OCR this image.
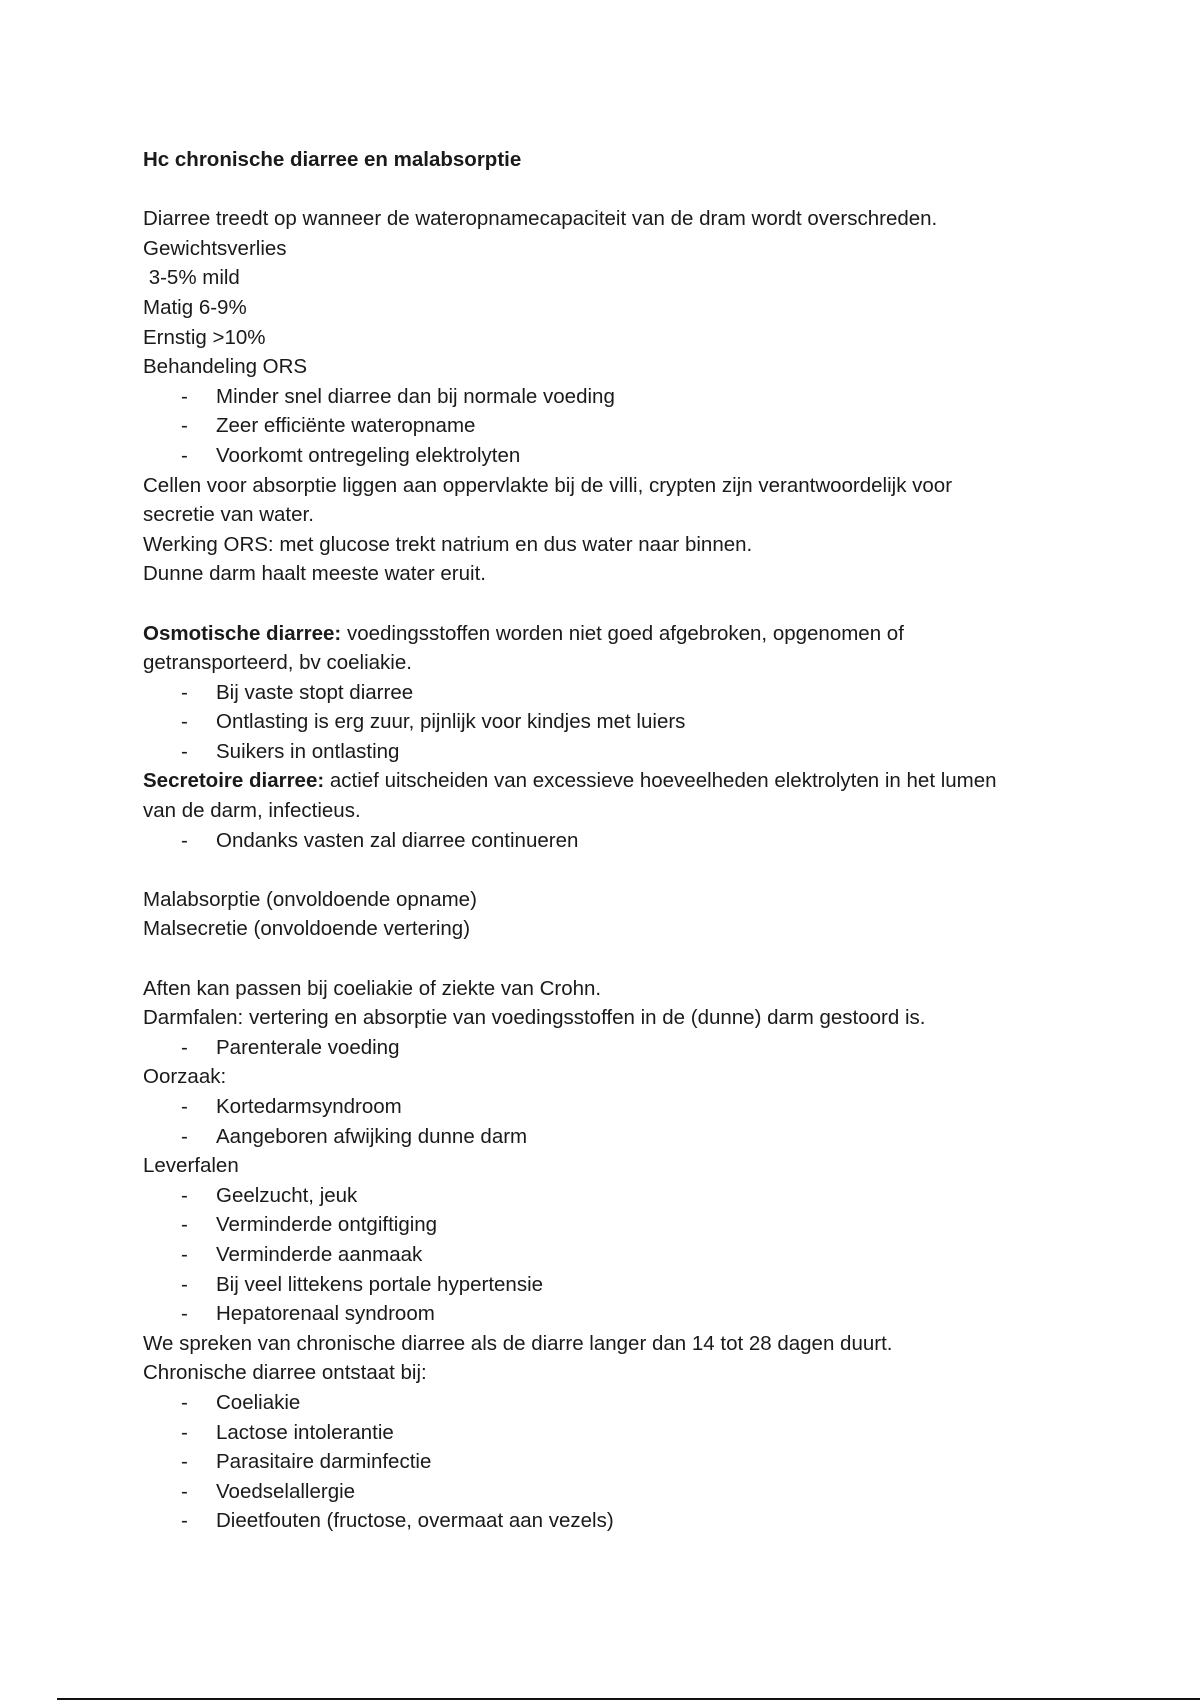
Hc chronische diarree en malabsorptie

Diarree treedt op wanneer de wateropnamecapaciteit van de dram wordt overschreden.

Gewichtsverlies

3-5% mild

Matig 6-9%

Ernstig >10%

Behandeling ORS

- Minder snel diarree dan bij normale voeding
- Zeer efficiënte wateropname
- Voorkomt ontregeling elektrolyten

Cellen voor absorptie liggen aan oppervlakte bij de villi, crypten zijn verantwoordelijk voor

secretie van water.

Werking ORS: met glucose trekt natrium en dus water naar binnen.

Dunne darm haalt meeste water eruit.

Osmotische diarree: voedingsstoffen worden niet goed afgebroken, opgenomen of

getransporteerd, bv coeliakie.

- Bij vaste stopt diarree
- Ontlasting is erg zuur, pijnlijk voor kindjes met luiers
- Suikers in ontlasting

Secretoire diarree: actief uitscheiden van excessieve hoeveelheden elektrolyten in het lumen

van de darm, infectieus.

- Ondanks vasten zal diarree continueren

Malabsorptie (onvoldoende opname)

Malsecretie (onvoldoende vertering)

Aften kan passen bij coeliakie of ziekte van Crohn.

Darmfalen: vertering en absorptie van voedingsstoffen in de (dunne) darm gestoord is.

- Parenterale voeding

Oorzaak:

- Kortedarmsyndroom
- Aangeboren afwijking dunne darm

Leverfalen

- Geelzucht, jeuk
- Verminderde ontgiftiging
- Verminderde aanmaak
- Bij veel littekens portale hypertensie
- Hepatorenaal syndroom

We spreken van chronische diarree als de diarre langer dan 14 tot 28 dagen duurt.

Chronische diarree ontstaat bij:

- Coeliakie
- Lactose intolerantie
- Parasitaire darminfectie
- Voedselallergie
- Dieetfouten (fructose, overmaat aan vezels)
